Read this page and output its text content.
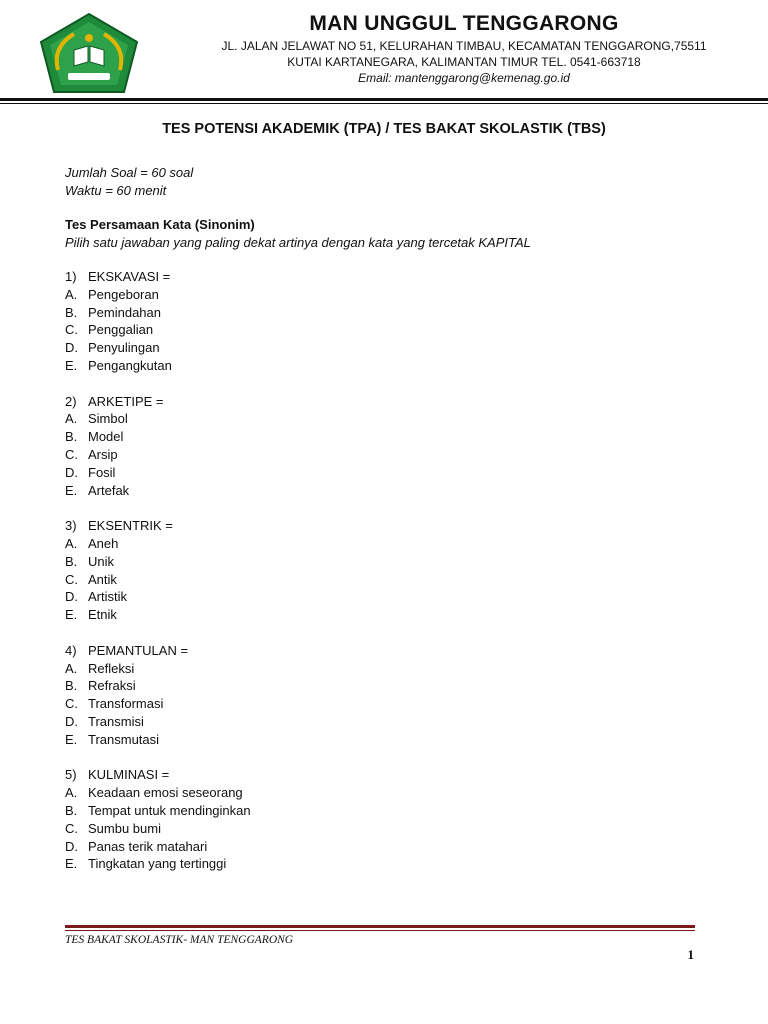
MAN UNGGUL TENGGARONG

JL. JALAN JELAWAT NO 51, KELURAHAN TIMBAU, KECAMATAN TENGGARONG,75511

KUTAI KARTANEGARA, KALIMANTAN TIMUR TEL. 0541-663718

Email: mantenggarong@kemenag.go.id

TES POTENSI AKADEMIK (TPA) / TES BAKAT SKOLASTIK (TBS)
Jumlah Soal = 60 soal
Waktu = 60 menit
Tes Persamaan Kata (Sinonim)
Pilih satu jawaban yang paling dekat artinya dengan kata yang tercetak KAPITAL
1) EKSKAVASI =
A. Pengeboran
B. Pemindahan
C. Penggalian
D. Penyulingan
E. Pengangkutan
2) ARKETIPE =
A. Simbol
B. Model
C. Arsip
D. Fosil
E. Artefak
3) EKSENTRIK =
A. Aneh
B. Unik
C. Antik
D. Artistik
E. Etnik
4) PEMANTULAN =
A. Refleksi
B. Refraksi
C. Transformasi
D. Transmisi
E. Transmutasi
5) KULMINASI =
A. Keadaan emosi seseorang
B. Tempat untuk mendinginkan
C. Sumbu bumi
D. Panas terik matahari
E. Tingkatan yang tertinggi
TES BAKAT SKOLASTIK- MAN TENGGARONG
1
